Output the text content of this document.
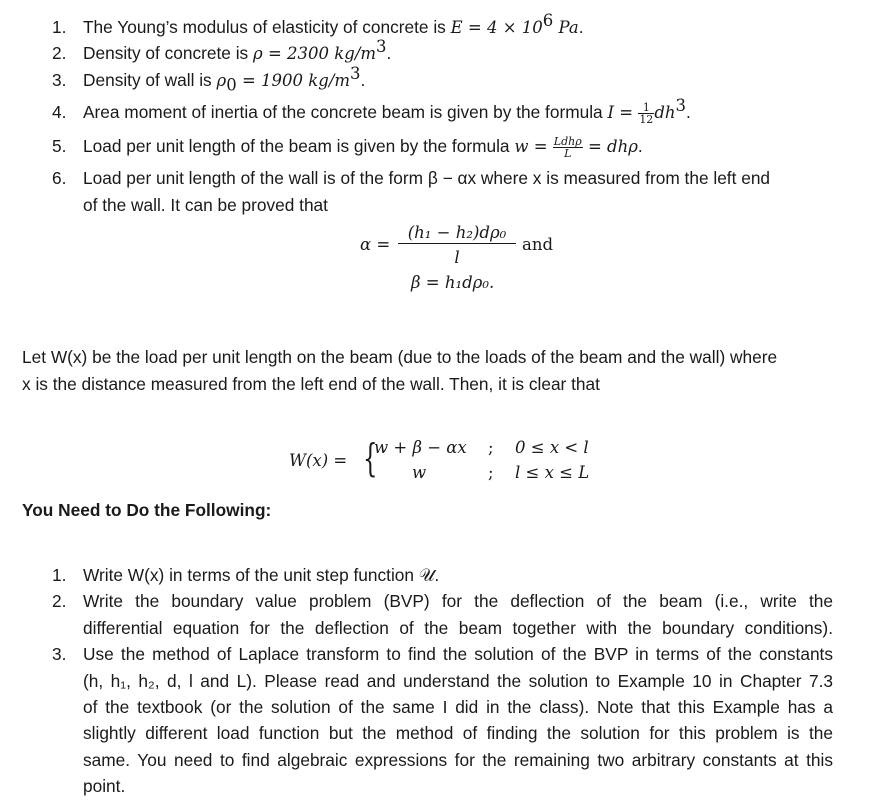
1. The Young’s modulus of elasticity of concrete is $E = 4 \times 10^6$ Pa.
2. Density of concrete is ρ = 2300 $kg/m^3$.
3. Density of wall is $\rho_0 = 1900$ $kg/m^3$.
4. Area moment of inertia of the concrete beam is given by the formula $I = \frac{1}{12} dh^3$.
5. Load per unit length of the beam is given by the formula $w = \frac{\text{Ldhρ}}{L} = dh\rho$.
6. Load per unit length of the wall is of the form β − αx where x is measured from the left end
of the wall. It can be proved that
α =
(h₁ − h₂)dρ₀
l
and
β = h₁dρ₀.
Let W(x) be the load per unit length on the beam (due to the loads of the beam and the wall) where
x is the distance measured from the left end of the wall. Then, it is clear that
W(x) = {
w + β − αx ; 0 ≤ x < l
w	; l ≤ x ≤ L
You Need to Do the Following:
1. Write W(x) in terms of the unit step function 𝒰.
2. Write the boundary value problem (BVP) for the deflection of the beam (i.e., write the
differential equation for the deflection of the beam together with the boundary conditions).
3. Use the method of Laplace transform to find the solution of the BVP in terms of the constants
(h, h₁, h₂, d, l and L). Please read and understand the solution to Example 10 in Chapter 7.3
of the textbook (or the solution of the same I did in the class). Note that this Example has a
slightly different load function but the method of finding the solution for this problem is the
same. You need to find algebraic expressions for the remaining two arbitrary constants at this
point.
